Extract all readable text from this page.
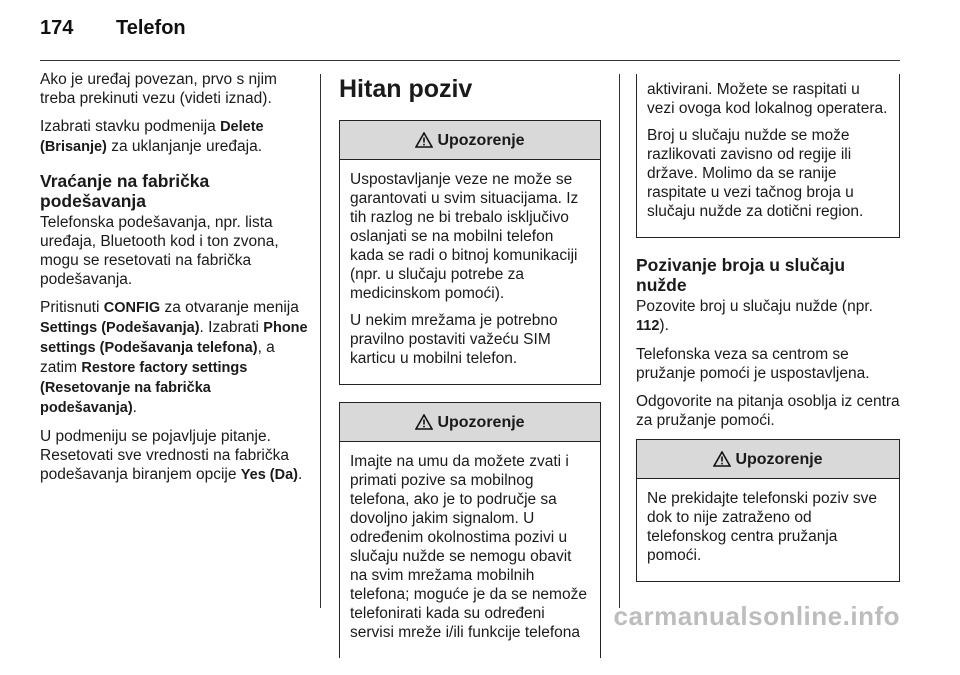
174 Telefon

Ako je uređaj povezan, prvo s njim treba prekinuti vezu (videti iznad).

Izabrati stavku podmenija Delete (Brisanje) za uklanjanje uređaja.

Vraćanje na fabrička podešavanja

Telefonska podešavanja, npr. lista uređaja, Bluetooth kod i ton zvona, mogu se resetovati na fabrička podešavanja.

Pritisnuti CONFIG za otvaranje menija Settings (Podešavanja). Izabrati Phone settings (Podešavanja telefona), a zatim Restore factory settings (Resetovanje na fabrička podešavanja).

U podmeniju se pojavljuje pitanje. Resetovati sve vrednosti na fabrička podešavanja biranjem opcije Yes (Da).

Hitan poziv
Upozorenje

Uspostavljanje veze ne može se garantovati u svim situacijama. Iz tih razlog ne bi trebalo isključivo oslanjati se na mobilni telefon kada se radi o bitnoj komunikaciji (npr. u slučaju potrebe za medicinskom pomoći).

U nekim mrežama je potrebno pravilno postaviti važeću SIM karticu u mobilni telefon.

Upozorenje

Imajte na umu da možete zvati i primati pozive sa mobilnog telefona, ako je to područje sa dovoljno jakim signalom. U određenim okolnostima pozivi u slučaju nužde se nemogu obavit na svim mrežama mobilnih telefona; moguće je da se nemože telefonirati kada su određeni servisi mreže i/ili funkcije telefona

aktivirani. Možete se raspitati u vezi ovoga kod lokalnog operatera.

Broj u slučaju nužde se može razlikovati zavisno od regije ili države. Molimo da se ranije raspitate u vezi tačnog broja u slučaju nužde za dotični region.

Pozivanje broja u slučaju nužde

Pozovite broj u slučaju nužde (npr. 112).

Telefonska veza sa centrom se pružanje pomoći je uspostavljena.

Odgovorite na pitanja osoblja iz centra za pružanje pomoći.

Upozorenje

Ne prekidajte telefonski poziv sve dok to nije zatraženo od telefonskog centra pružanja pomoći.

carmanualsonline.info
